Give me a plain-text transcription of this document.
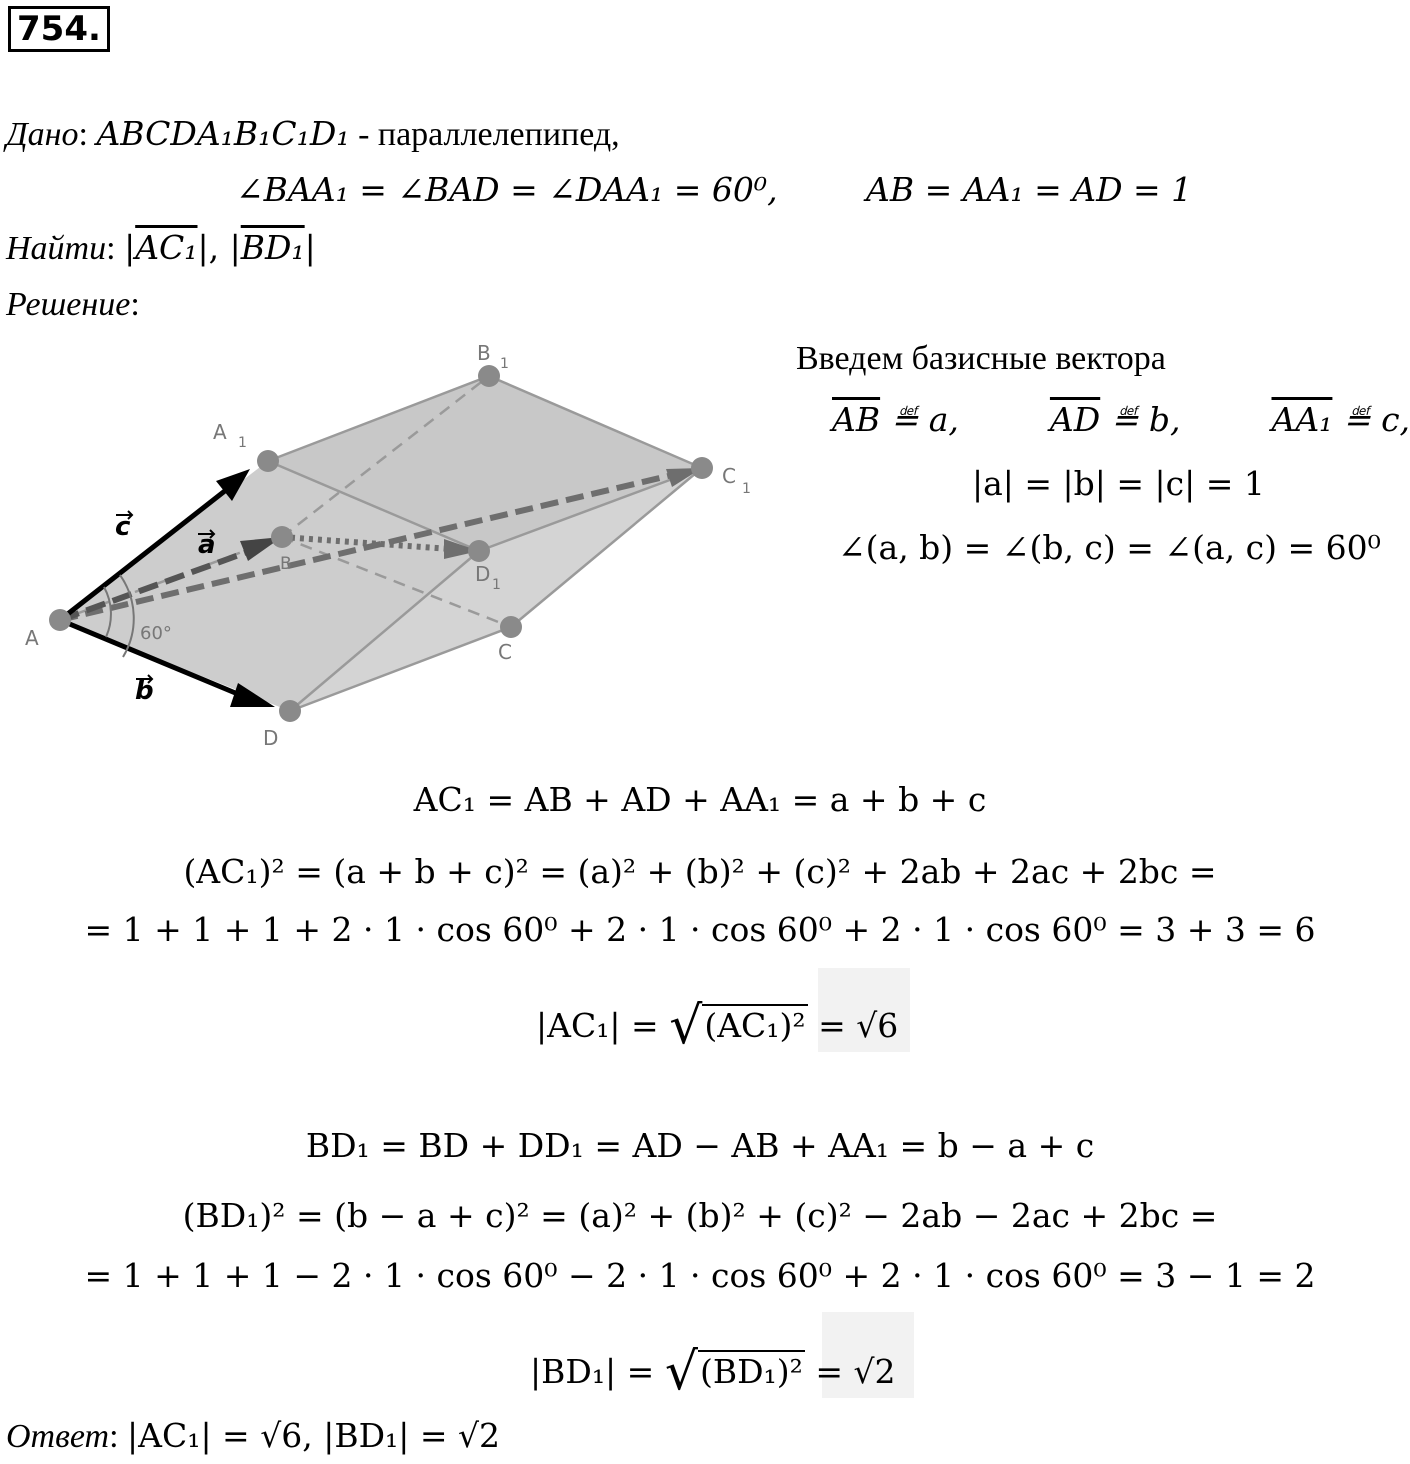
754.
Дано: ABCDA₁B₁C₁D₁ - параллелепипед,
∠BAA₁ = ∠BAD = ∠DAA₁ = 60⁰,	AB = AA₁ = AD = 1
Найти: |AC₁|, |BD₁|
Решение:
A
A 1
B 1
C
1
D 1
B
C
D
60°
c
a
b
Введем базисные векторa
$\overline{AB}$ ≝ a,	$\overline{AD}$ ≝ b,	AA₁ ≝ c,
|a| = |b| = |c| = 1
∠(a, b) = ∠(b, c) = ∠(a, c) = 60⁰
AC₁ = AB + AD + AA₁ = a + b + c
(AC₁)² = (a + b + c)² = (a)² + (b)² + (c)² + 2ab + 2ac + 2bc =
= 1 + 1 + 1 + 2 · 1 · cos 60⁰ + 2 · 1 · cos 60⁰ + 2 · 1 · cos 60⁰ = 3 + 3 = 6
|AC₁| = √(AC₁)² = √6
BD₁ = BD + DD₁ = AD − AB + AA₁ = b − a + c
(BD₁)² = (b − a + c)² = (a)² + (b)² + (c)² − 2ab − 2ac + 2bc =
= 1 + 1 + 1 − 2 · 1 · cos 60⁰ − 2 · 1 · cos 60⁰ + 2 · 1 · cos 60⁰ = 3 − 1 = 2
|BD₁| = √(BD₁)² = √2
Ответ: |AC₁| = √6, |BD₁| = √2
